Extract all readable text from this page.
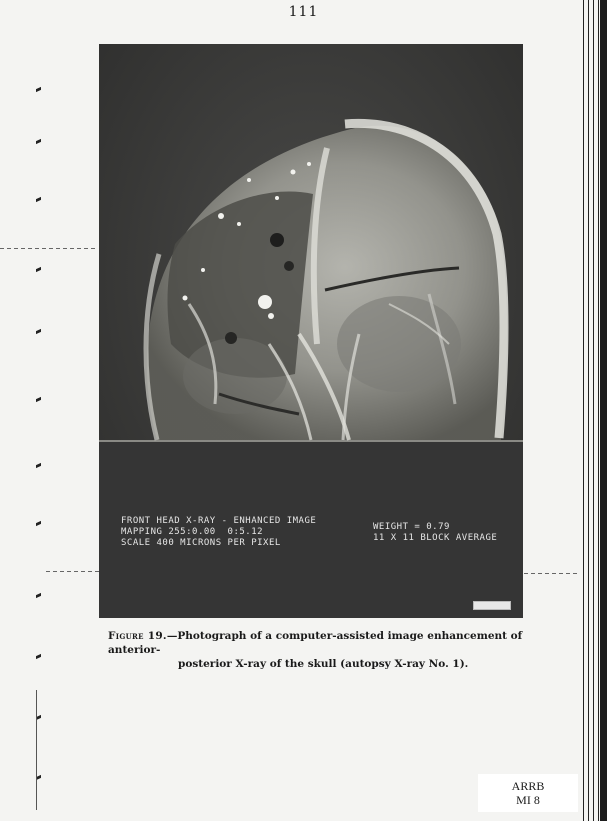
111
FRONT HEAD X-RAY - ENHANCED IMAGE
MAPPING 255:0.00  0:5.12
SCALE 400 MICRONS PER PIXEL
WEIGHT = 0.79
11 X 11 BLOCK AVERAGE
Figure 19.—Photograph of a computer-assisted image enhancement of anterior-
posterior X-ray of the skull (autopsy X-ray No. 1).
ARRB
MI 8
